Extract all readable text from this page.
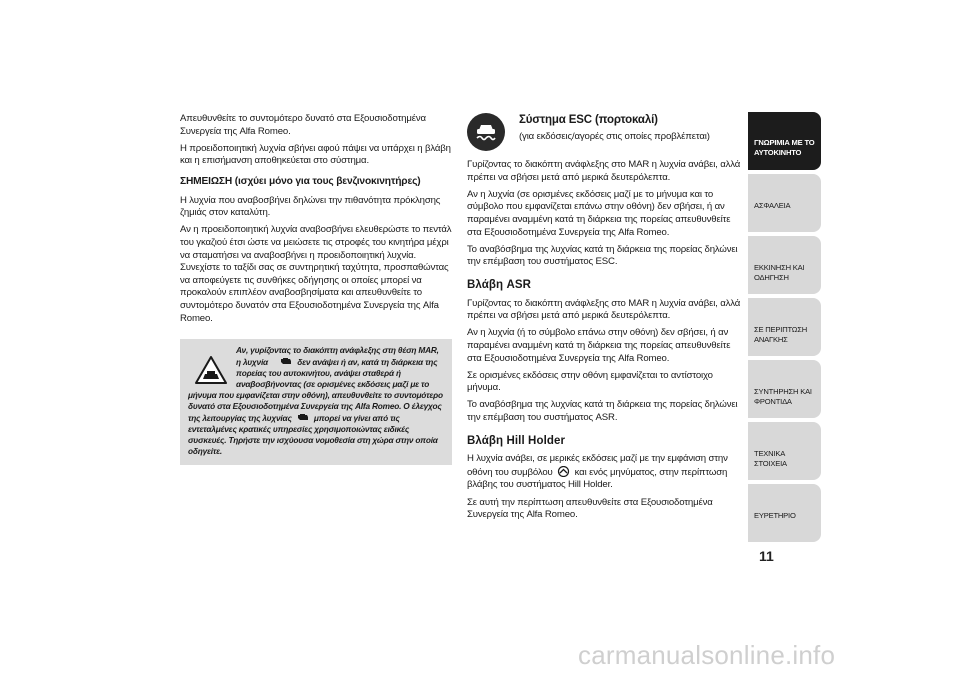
Απευθυνθείτε το συντομότερο δυνατό στα Εξουσιοδοτημένα Συνεργεία της Alfa Romeo.

Η προειδοποιητική λυχνία σβήνει αφού πάψει να υπάρχει η βλάβη και η επισήμανση αποθηκεύεται στο σύστημα.

ΣΗΜΕΙΩΣΗ (ισχύει μόνο για τους βενζινοκινητήρες)

Η λυχνία που αναβοσβήνει δηλώνει την πιθανότητα πρόκλησης ζημιάς στον καταλύτη.

Αν η προειδοποιητική λυχνία αναβοσβήνει ελευθερώστε το πεντάλ του γκαζιού έτσι ώστε να μειώσετε τις στροφές του κινητήρα μέχρι να σταματήσει να αναβοσβήνει η προειδοποιητική λυχνία. Συνεχίστε το ταξίδι σας σε συντηρητική ταχύτητα, προσπαθώντας να αποφεύγετε τις συνθήκες οδήγησης οι οποίες μπορεί να προκαλούν επιπλέον αναβοσβησίματα και απευθυνθείτε το συντομότερο δυνατόν στα Εξουσιοδοτημένα Συνεργεία της Alfa Romeo.

Αν, γυρίζοντας το διακόπτη ανάφλεξης στη θέση MAR, η λυχνία	δεν ανάψει ή αν, κατά τη διάρκεια της πορείας του αυτοκινήτου, ανάψει σταθερά ή αναβοσβήνοντας (σε ορισμένες εκδόσεις μαζί με το μήνυμα που εμφανίζεται στην οθόνη), απευθυνθείτε το συντομότερο δυνατό στα Εξουσιοδοτημένα Συνεργεία της Alfa Romeo. Ο έλεγχος της λειτουργίας της λυχνίας	μπορεί να γίνει από τις εντεταλμένες κρατικές υπηρεσίες χρησιμοποιώντας ειδικές συσκευές. Τηρήστε την ισχύουσα νομοθεσία στη χώρα στην οποία οδηγείτε.
Σύστημα ESC (πορτοκαλί)
(για εκδόσεις/αγορές στις οποίες προβλέπεται)

Γυρίζοντας το διακόπτη ανάφλεξης στο MAR η λυχνία ανάβει, αλλά πρέπει να σβήσει μετά από μερικά δευτερόλεπτα.

Αν η λυχνία (σε ορισμένες εκδόσεις μαζί με το μήνυμα και το σύμβολο που εμφανίζεται επάνω στην οθόνη) δεν σβήσει, ή αν παραμένει αναμμένη κατά τη διάρκεια της πορείας απευθυνθείτε στα Εξουσιοδοτημένα Συνεργεία της Alfa Romeo.

Το αναβόσβημα της λυχνίας κατά τη διάρκεια της πορείας δηλώνει την επέμβαση του συστήματος ESC.

Βλάβη ASR

Γυρίζοντας το διακόπτη ανάφλεξης στο MAR η λυχνία ανάβει, αλλά πρέπει να σβήσει μετά από μερικά δευτερόλεπτα.

Αν η λυχνία (ή το σύμβολο επάνω στην οθόνη) δεν σβήσει, ή αν παραμένει αναμμένη κατά τη διάρκεια της πορείας απευθυνθείτε στα Εξουσιοδοτημένα Συνεργεία της Alfa Romeo.

Σε ορισμένες εκδόσεις στην οθόνη εμφανίζεται το αντίστοιχο μήνυμα.

Το αναβόσβημα της λυχνίας κατά τη διάρκεια της πορείας δηλώνει την επέμβαση του συστήματος ASR.

Βλάβη Hill Holder

Η λυχνία ανάβει, σε μερικές εκδόσεις μαζί με την εμφάνιση στην οθόνη του συμβόλου και ενός μηνύματος, στην περίπτωση βλάβης του συστήματος Hill Holder.

Σε αυτή την περίπτωση απευθυνθείτε στα Εξουσιοδοτημένα Συνεργεία της Alfa Romeo.

ΓΝΩΡΙΜΙΑ ΜΕ ΤΟ ΑΥΤΟΚΙΝΗΤΟ
ΑΣΦΑΛΕΙΑ
ΕΚΚΙΝΗΣΗ ΚΑΙ ΟΔΗΓΗΣΗ
ΣΕ ΠΕΡΙΠΤΩΣΗ ΑΝΑΓΚΗΣ
ΣΥΝΤΗΡΗΣΗ ΚΑΙ ΦΡΟΝΤΙΔΑ
ΤΕΧΝΙΚΑ ΣΤΟΙΧΕΙΑ
ΕΥΡΕΤΗΡΙΟ
11
carmanualsonline.info
